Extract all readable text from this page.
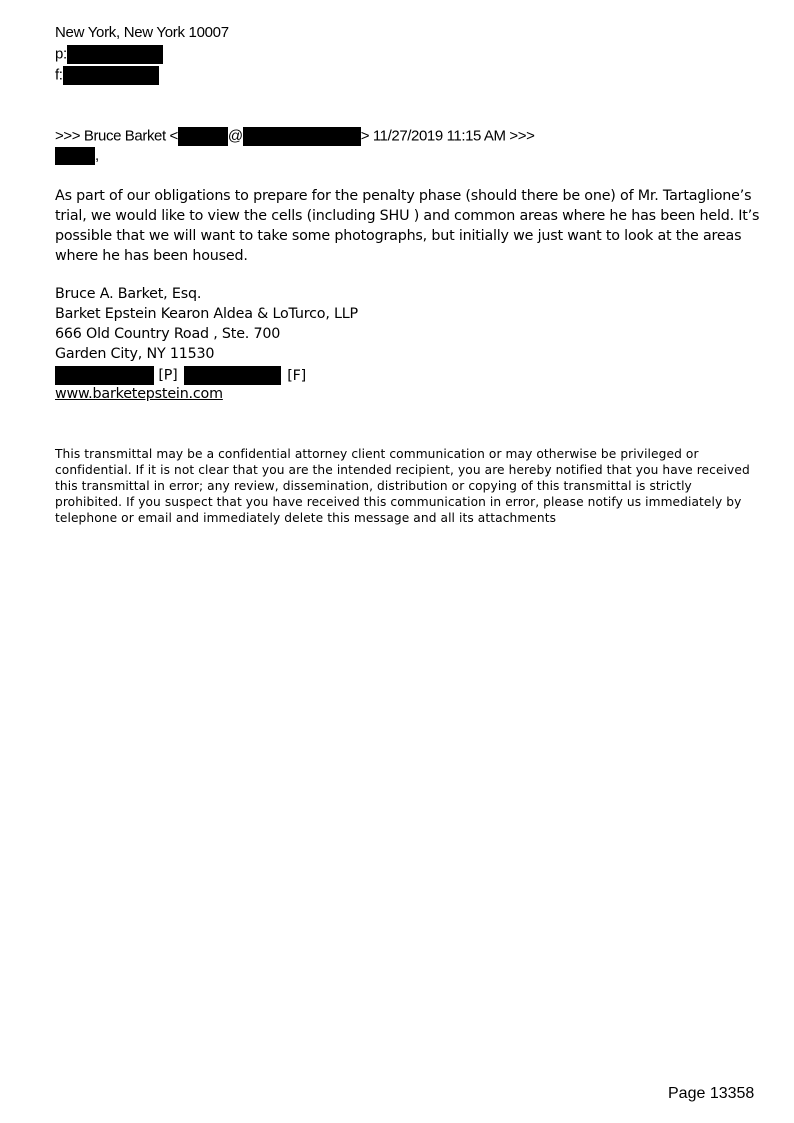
New York, New York 10007
p:
f:
>>> Bruce Barket <	@	> 11/27/2019 11:15 AM >>>
,
As part of our obligations to prepare for the penalty phase (should there be one) of Mr. Tartaglione’s trial, we would like to view the cells (including SHU ) and common areas where he has been held. It’s possible that we will want to take some photographs, but initially we just want to look at the areas where he has been housed.
Bruce A. Barket, Esq.
Barket Epstein Kearon Aldea & LoTurco, LLP
666 Old Country Road , Ste. 700
Garden City, NY 11530
[P]	[F]
www.barketepstein.com
This transmittal may be a confidential attorney client communication or may otherwise be privileged or confidential. If it is not clear that you are the intended recipient, you are hereby notified that you have received this transmittal in error; any review, dissemination, distribution or copying of this transmittal is strictly prohibited. If you suspect that you have received this communication in error, please notify us immediately by telephone or email and immediately delete this message and all its attachments
Page 13358
